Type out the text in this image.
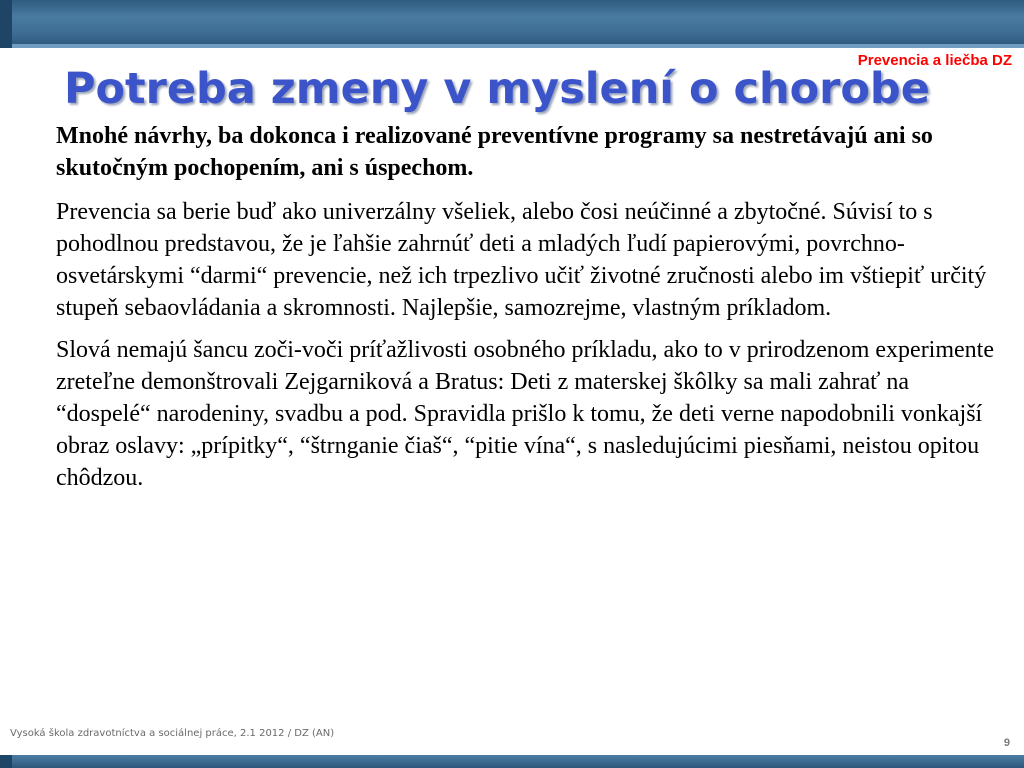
Prevencia a liečba DZ

Potreba zmeny v myslení o chorobe

Mnohé návrhy, ba dokonca i realizované preventívne programy sa nestretávajú ani so skutočným pochopením, ani s úspechom.

Prevencia sa berie buď ako univerzálny všeliek, alebo čosi neúčinné a zbytočné. Súvisí to s pohodlnou predstavou, že je ľahšie zahrnúť deti a mladých ľudí papierovými, povrchno-osvetárskymi “darmi“ prevencie, než ich trpezlivo učiť životné zručnosti alebo im vštiepiť určitý stupeň sebaovládania a skromnosti. Najlepšie, samozrejme, vlastným príkladom.

Slová nemajú šancu zoči-voči príťažlivosti osobného príkladu, ako to v prirodzenom experimente zreteľne demonštrovali Zejgarniková a Bratus: Deti z materskej škôlky sa mali zahrať na “dospelé“ narodeniny, svadbu a pod. Spravidla prišlo k tomu, že deti verne napodobnili vonkajší obraz oslavy: „prípitky“, “štrnganie čiaš“, “pitie vína“, s nasledujúcimi piesňami, neistou opitou chôdzou.

Vysoká škola zdravotníctva a sociálnej práce, 2.1 2012 / DZ (AN)
9
